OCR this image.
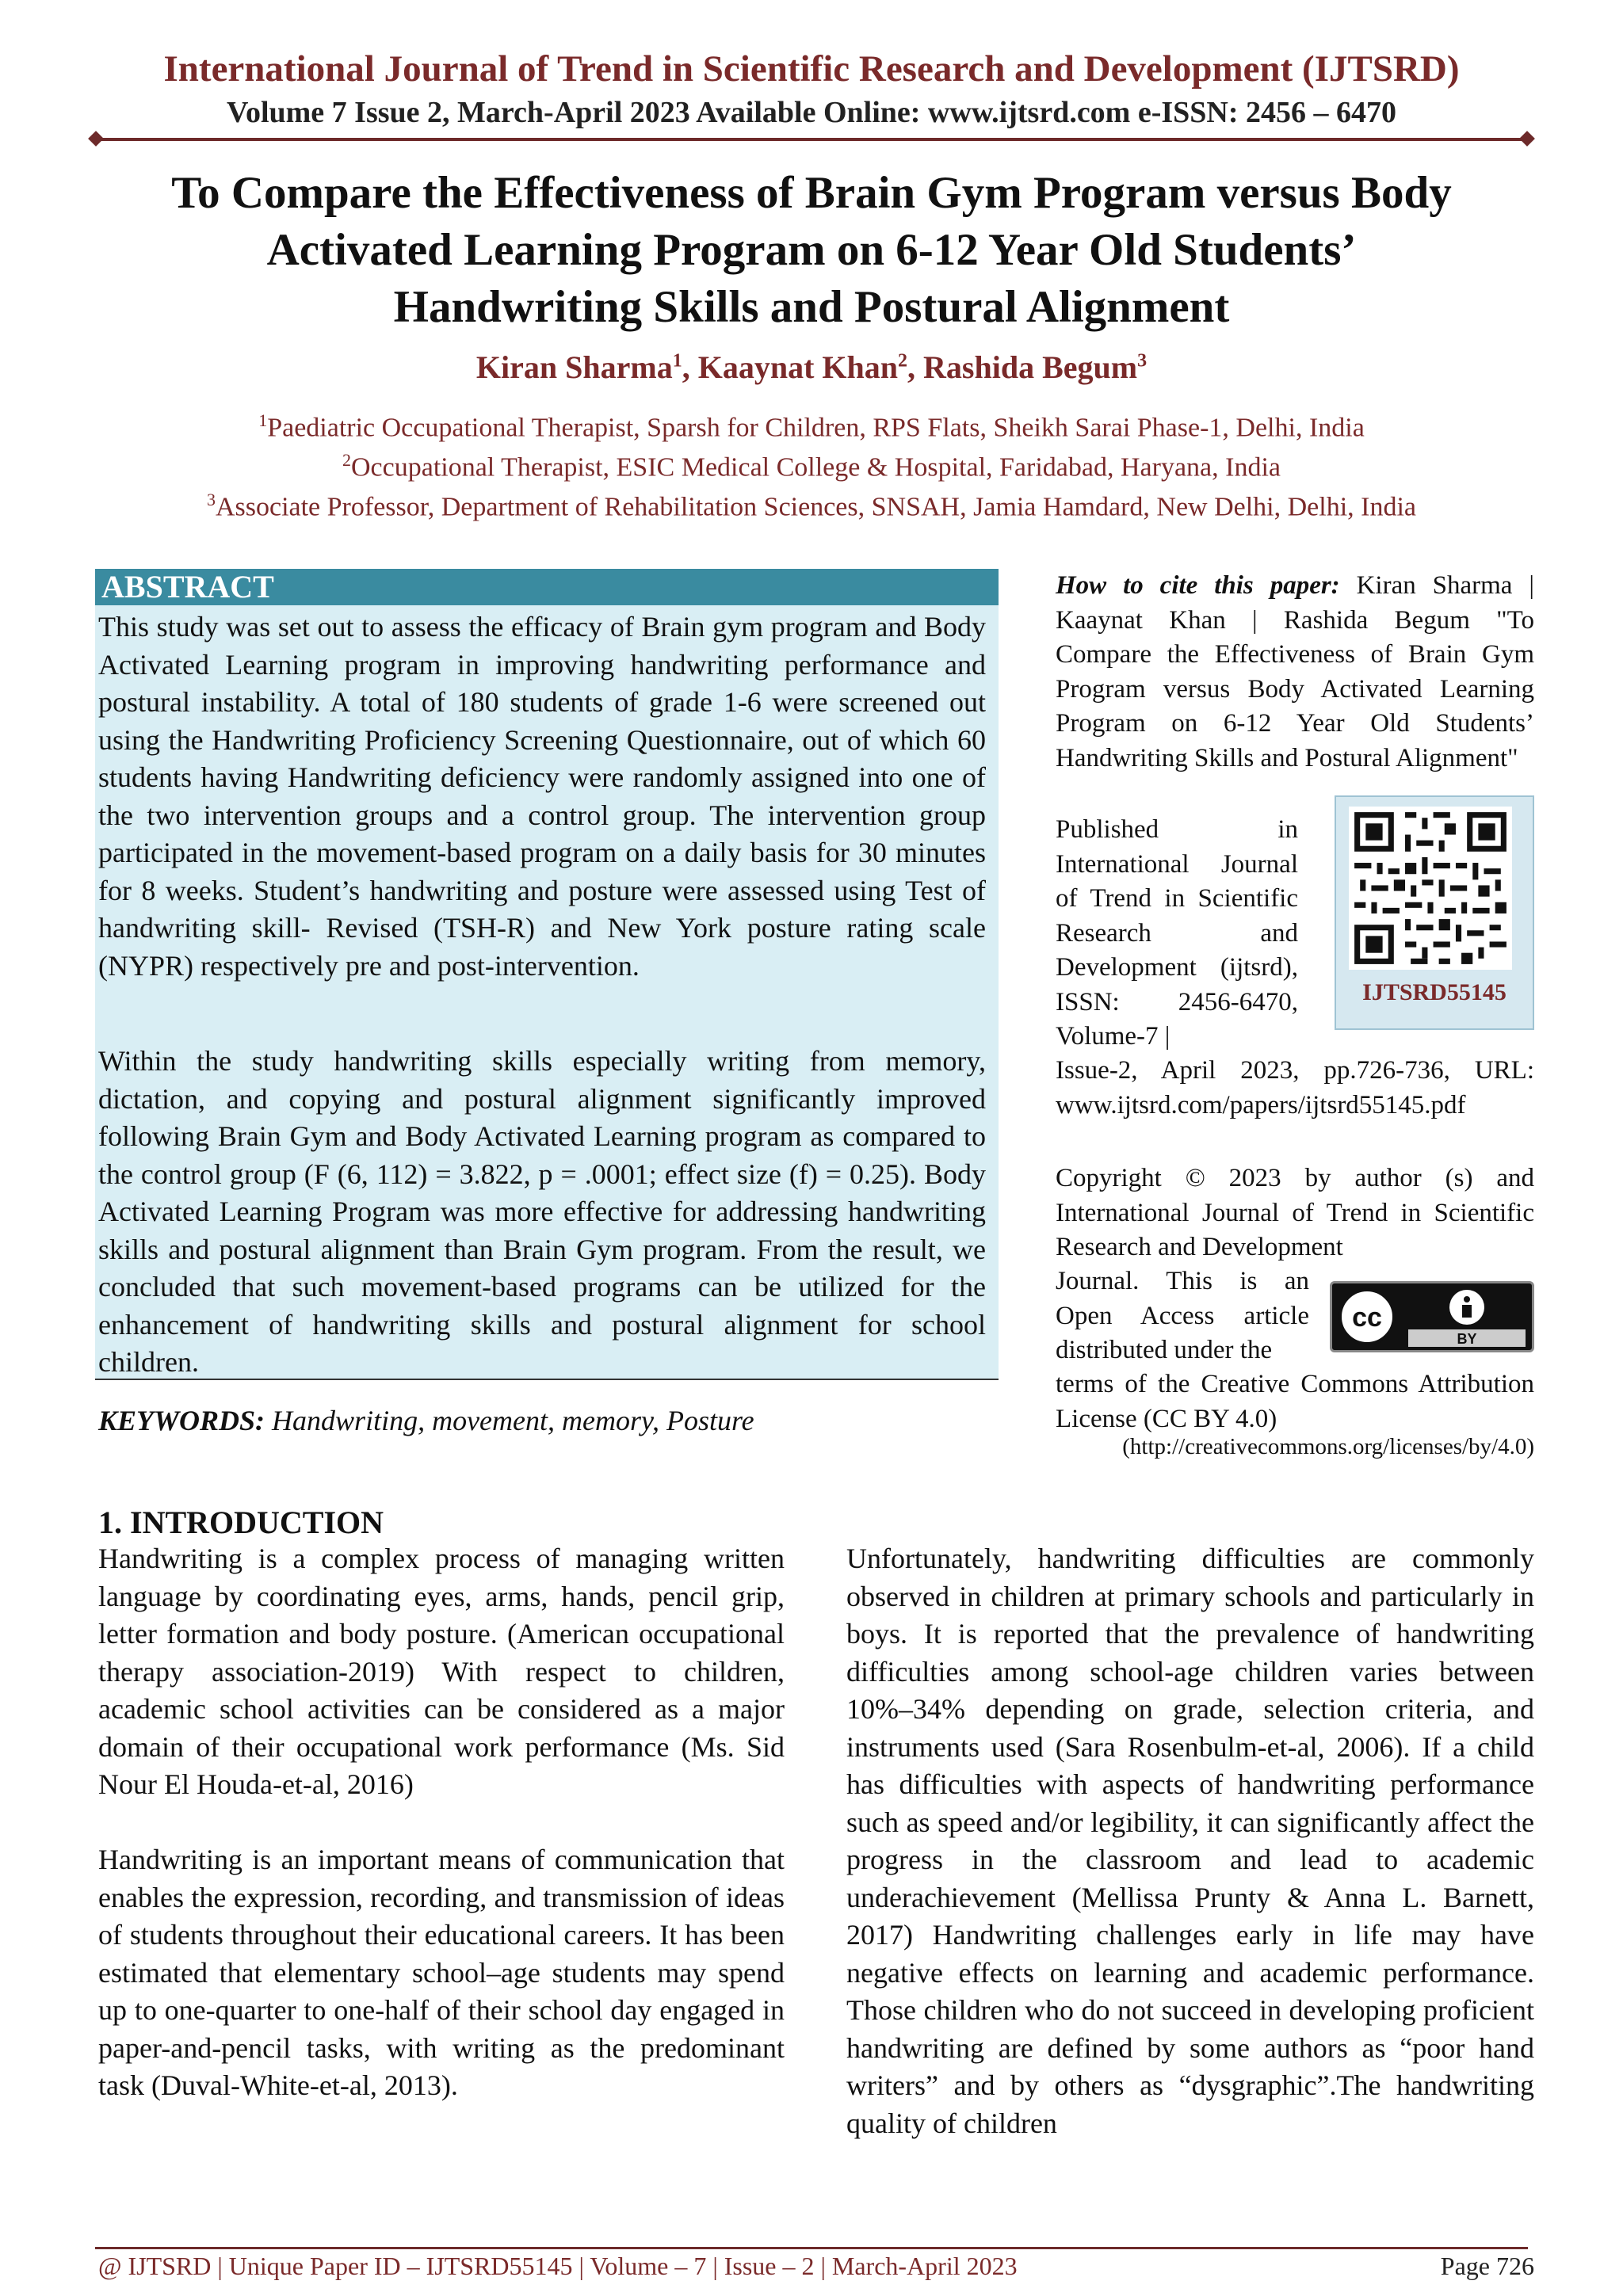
International Journal of Trend in Scientific Research and Development (IJTSRD)
Volume 7 Issue 2, March-April 2023 Available Online: www.ijtsrd.com e-ISSN: 2456 – 6470
To Compare the Effectiveness of Brain Gym Program versus Body
Activated Learning Program on 6-12 Year Old Students’
Handwriting Skills and Postural Alignment
Kiran Sharma$^1$, Kaaynat Khan$^2$, Rashida Begum$^3$
$^1$Paediatric Occupational Therapist, Sparsh for Children, RPS Flats, Sheikh Sarai Phase-1, Delhi, India
$^2$Occupational Therapist, ESIC Medical College & Hospital, Faridabad, Haryana, India
$^3$Associate Professor, Department of Rehabilitation Sciences, SNSAH, Jamia Hamdard, New Delhi, Delhi, India
ABSTRACT
This study was set out to assess the efficacy of Brain gym program and Body Activated Learning program in improving handwriting performance and postural instability. A total of 180 students of grade 1-6 were screened out using the Handwriting Proficiency Screening Questionnaire, out of which 60 students having Handwriting deficiency were randomly assigned into one of the two intervention groups and a control group. The intervention group participated in the movement-based program on a daily basis for 30 minutes for 8 weeks. Student’s handwriting and posture were assessed using Test of handwriting skill- Revised (TSH-R) and New York posture rating scale (NYPR) respectively pre and post-intervention.
Within the study handwriting skills especially writing from memory, dictation, and copying and postural alignment significantly improved following Brain Gym and Body Activated Learning program as compared to the control group (F (6, 112) = 3.822, p = .0001; effect size (f) = 0.25). Body Activated Learning Program was more effective for addressing handwriting skills and postural alignment than Brain Gym program. From the result, we concluded that such movement-based programs can be utilized for the enhancement of handwriting skills and postural alignment for school children.
KEYWORDS: Handwriting, movement, memory, Posture
How to cite this paper: Kiran Sharma | Kaaynat Khan | Rashida Begum "To Compare the Effectiveness of Brain Gym Program versus Body Activated Learning Program on 6-12 Year Old Students’ Handwriting Skills and Postural Alignment"
Published in International Journal of Trend in Scientific Research and Development (ijtsrd), ISSN: 2456-6470, Volume-7 |
Issue-2, April 2023, pp.726-736, URL: www.ijtsrd.com/papers/ijtsrd55145.pdf
IJTSRD55145
Copyright © 2023 by author (s) and International Journal of Trend in Scientific Research and Development
Journal. This is an Open Access article distributed under the
cc
BY
terms of the Creative Commons Attribution License (CC BY 4.0)
(http://creativecommons.org/licenses/by/4.0)
1. INTRODUCTION
Handwriting is a complex process of managing written language by coordinating eyes, arms, hands, pencil grip, letter formation and body posture. (American occupational therapy association-2019) With respect to children, academic school activities can be considered as a major domain of their occupational work performance (Ms. Sid Nour El Houda-et-al, 2016)
Handwriting is an important means of communication that enables the expression, recording, and transmission of ideas of students throughout their educational careers. It has been estimated that elementary school–age students may spend up to one-quarter to one-half of their school day engaged in paper-and-pencil tasks, with writing as the predominant task (Duval-White-et-al, 2013).
Unfortunately, handwriting difficulties are commonly observed in children at primary schools and particularly in boys. It is reported that the prevalence of handwriting difficulties among school-age children varies between 10%–34% depending on grade, selection criteria, and instruments used (Sara Rosenbulm-et-al, 2006). If a child has difficulties with aspects of handwriting performance such as speed and/or legibility, it can significantly affect the progress in the classroom and lead to academic underachievement (Mellissa Prunty & Anna L. Barnett, 2017) Handwriting challenges early in life may have negative effects on learning and academic performance. Those children who do not succeed in developing proficient handwriting are defined by some authors as “poor hand writers” and by others as “dysgraphic”.The handwriting quality of children
@ IJTSRD | Unique Paper ID – IJTSRD55145 | Volume – 7 | Issue – 2 | March-April 2023	Page 726
